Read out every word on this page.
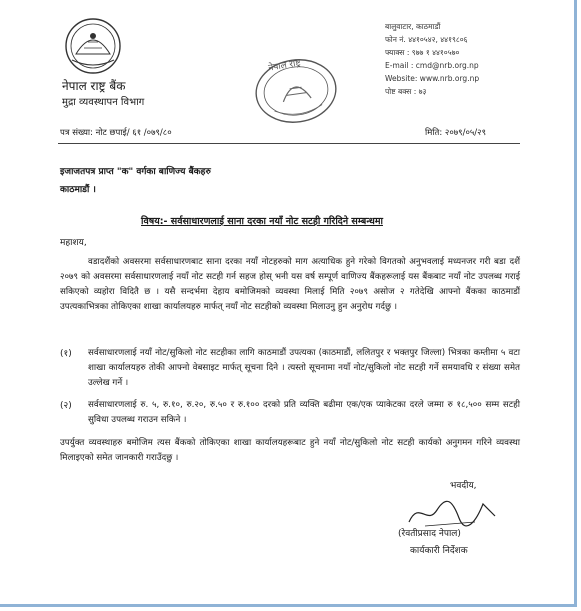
नेपाल राष्ट्र बैंक
मुद्रा व्यवस्थापन विभाग
नेपाल राष्ट्र
बालुवाटार, काठमाडौं
फोन नं. ४४१०५४२, ४४१९८०६
फ्याक्स : ९७७ १ ४४१०५७०
E-mail : cmd@nrb.org.np
Website: www.nrb.org.np
पोष्ट बक्स : ७३
पत्र संख्या: नोट छपाई/ ६१ /०७९/८०	मिति: २०७९/०५/२९
इजाजतपत्र प्राप्त "क" वर्गका बाणिज्य बैंकहरु
काठमाडौं ।
विषय:- सर्वसाधारणलाई साना दरका नयाँ नोट सटही गरिदिने सम्बन्धमा
महाशय,
वडादशैंको अवसरमा सर्वसाधारणबाट साना दरका नयाँ नोटहरुको माग अत्याधिक हुने गरेको विगतको अनुभवलाई मध्यनजर गरी बडा दशैं २०७९ को अवसरमा सर्वसाधारणलाई नयाँ नोट सटही गर्न सहज होस् भनी यस वर्ष सम्पूर्ण वाणिज्य बैंकहरूलाई यस बैंकबाट नयाँ नोट उपलब्ध गराई सकिएको व्यहोरा विदितै छ । यसै सन्दर्भमा देहाय बमोजिमको व्यवस्था मिलाई मिति २०७९ असोज २ गतेदेखि आफ्नो बैंकका काठमाडौं उपत्यकाभित्रका तोकिएका शाखा कार्यालयहरु मार्फत् नयाँ नोट सटहीको व्यवस्था मिलाउनु हुन अनुरोध गर्दछु ।
(१) सर्वसाधारणलाई नयाँ नोट/सुकिलो नोट सटहीका लागि काठमाडौं उपत्यका (काठमाडौं, ललितपुर र भक्तपुर जिल्ला) भित्रका कम्तीमा ५ वटा शाखा कार्यालयहरु तोकी आफ्नो वेबसाइट मार्फत् सूचना दिने । त्यस्तो सूचनामा नयाँ नोट/सुकिलो नोट सटही गर्ने समयावधि र संख्या समेत उल्लेख गर्ने ।
(२) सर्वसाधारणलाई रु. ५, रु.१०, रु.२०, रु.५० र रु.१०० दरको प्रति व्यक्ति बढीमा एक/एक प्याकेटका दरले जम्मा रु १८,५०० सम्म सटही सुविधा उपलब्ध गराउन सकिने ।
उपर्युक्त व्यवस्थाहरु बमोजिम त्यस बैंकको तोकिएका शाखा कार्यालयहरूबाट हुने नयाँ नोट/सुकिलो नोट सटही कार्यको अनुगमन गरिने व्यवस्था मिलाइएको समेत जानकारी गराउँदछु ।
भवदीय,
(रेवतीप्रसाद नेपाल)
कार्यकारी निर्देशक
